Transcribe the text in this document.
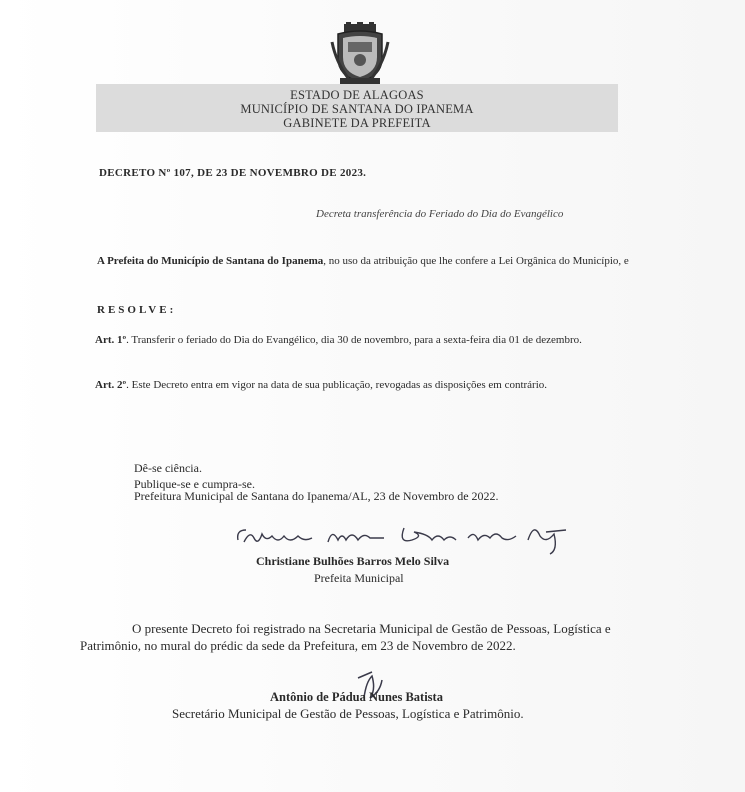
ESTADO DE ALAGOAS
MUNICÍPIO DE SANTANA DO IPANEMA
GABINETE DA PREFEITA
DECRETO Nº 107, DE 23 DE NOVEMBRO DE 2023.
Decreta transferência do Feriado do Dia do Evangélico
A Prefeita do Município de Santana do Ipanema, no uso da atribuição que lhe confere a Lei Orgânica do Município, e
RESOLVE:
Art. 1º. Transferir o feriado do Dia do Evangélico, dia 30 de novembro, para a sexta-feira dia 01 de dezembro.
Art. 2º. Este Decreto entra em vigor na data de sua publicação, revogadas as disposições em contrário.
Dê-se ciência.
Publique-se e cumpra-se.
Prefeitura Municipal de Santana do Ipanema/AL, 23 de Novembro de 2022.
Christiane Bulhões Barros Melo Silva
Prefeita Municipal
O presente Decreto foi registrado na Secretaria Municipal de Gestão de Pessoas, Logística e Patrimônio, no mural do prédic da sede da Prefeitura, em 23 de Novembro de 2022.
Antônio de Pádua Nunes Batista
Secretário Municipal de Gestão de Pessoas, Logística e Patrimônio.
